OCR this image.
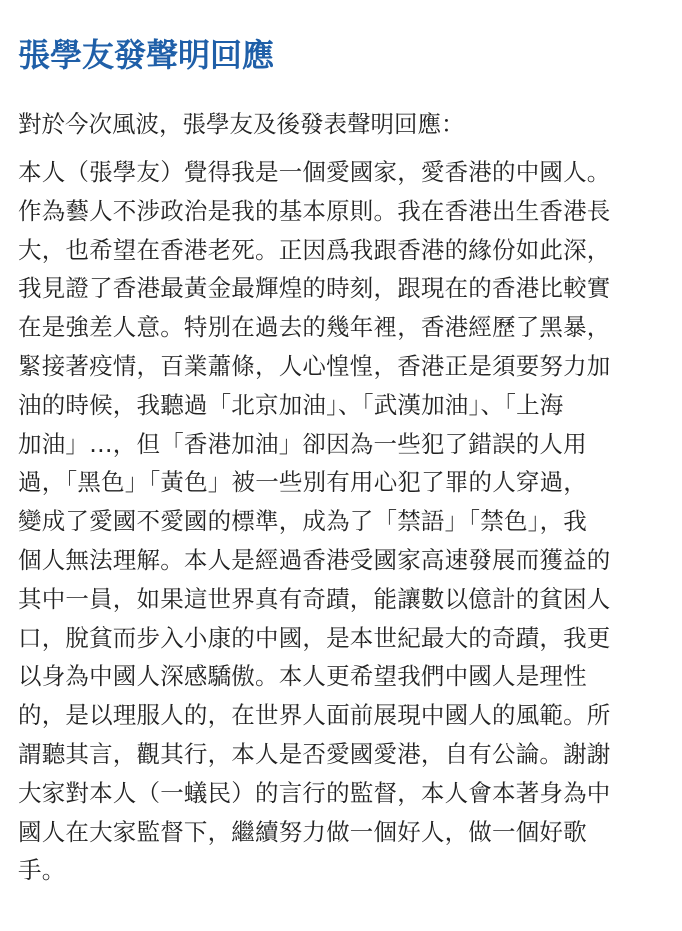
張學友發聲明回應

對於今次風波，張學友及後發表聲明回應：

本人（張學友）覺得我是一個愛國家，愛香港的中國人。
作為藝人不涉政治是我的基本原則。我在香港出生香港長
大，也希望在香港老死。正因爲我跟香港的緣份如此深，
我見證了香港最黃金最輝煌的時刻，跟現在的香港比較實
在是強差人意。特別在過去的幾年裡，香港經歷了黑暴，
緊接著疫情，百業蕭條，人心惶惶，香港正是須要努力加
油的時候，我聽過「北京加油」、「武漢加油」、「上海
加油」…，但「香港加油」卻因為一些犯了錯誤的人用
過，「黑色」「黃色」被一些別有用心犯了罪的人穿過，
變成了愛國不愛國的標準，成為了「禁語」「禁色」，我
個人無法理解。本人是經過香港受國家高速發展而獲益的
其中一員，如果這世界真有奇蹟，能讓數以億計的貧困人
口，脫貧而步入小康的中國，是本世紀最大的奇蹟，我更
以身為中國人深感驕傲。本人更希望我們中國人是理性
的，是以理服人的，在世界人面前展現中國人的風範。所
謂聽其言，觀其行，本人是否愛國愛港，自有公論。謝謝
大家對本人（一蟻民）的言行的監督，本人會本著身為中
國人在大家監督下，繼續努力做一個好人，做一個好歌
手。
